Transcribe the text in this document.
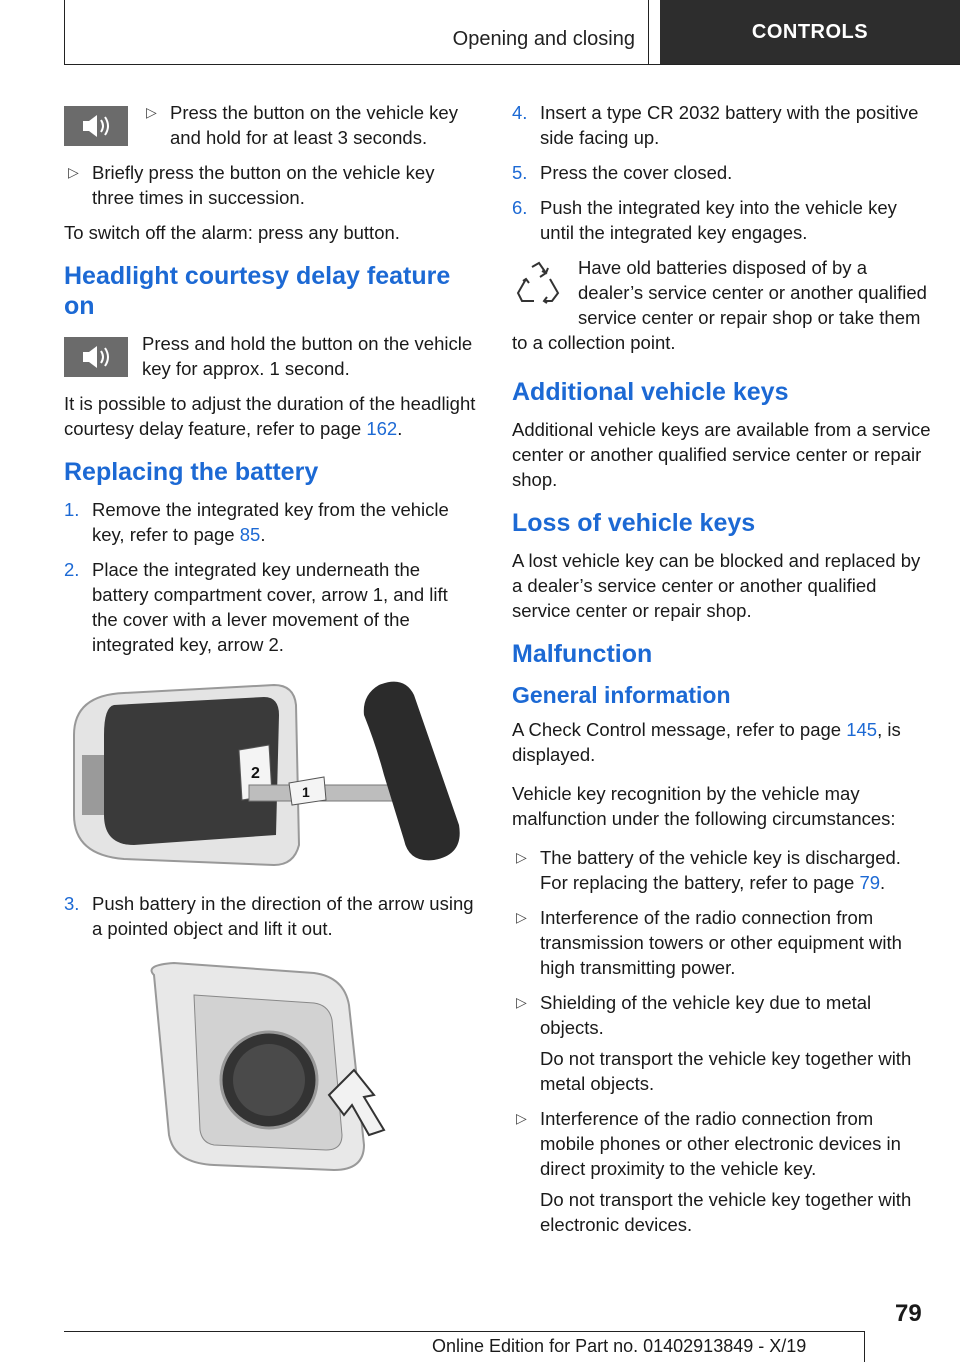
Opening and closing	CONTROLS
▷ Press the button on the vehicle key and hold for at least 3 seconds.
▷ Briefly press the button on the vehicle key three times in succession.

To switch off the alarm: press any button.

Headlight courtesy delay feature on

Press and hold the button on the vehicle key for approx. 1 second.

It is possible to adjust the duration of the headlight courtesy delay feature, refer to page 162.

Replacing the battery
1. Remove the integrated key from the vehicle key, refer to page 85.
2. Place the integrated key underneath the battery compartment cover, arrow 1, and lift the cover with a lever movement of the integrated key, arrow 2.
2
1
3. Push battery in the direction of the arrow using a pointed object and lift it out.
4. Insert a type CR 2032 battery with the positive side facing up.
5. Press the cover closed.
6. Push the integrated key into the vehicle key until the integrated key engages.

Have old batteries disposed of by a dealer’s service center or another qualified service center or repair shop or take them to a collection point.

Additional vehicle keys

Additional vehicle keys are available from a service center or another qualified service center or repair shop.

Loss of vehicle keys

A lost vehicle key can be blocked and replaced by a dealer’s service center or another qualified service center or repair shop.

Malfunction
General information

A Check Control message, refer to page 145, is displayed.

Vehicle key recognition by the vehicle may malfunction under the following circumstances:

▷ The battery of the vehicle key is discharged.
For replacing the battery, refer to page 79.
▷ Interference of the radio connection from transmission towers or other equipment with high transmitting power.
▷ Shielding of the vehicle key due to metal objects.
Do not transport the vehicle key together with metal objects.
▷ Interference of the radio connection from mobile phones or other electronic devices in direct proximity to the vehicle key.
Do not transport the vehicle key together with electronic devices.
79
Online Edition for Part no. 01402913849 - X/19
